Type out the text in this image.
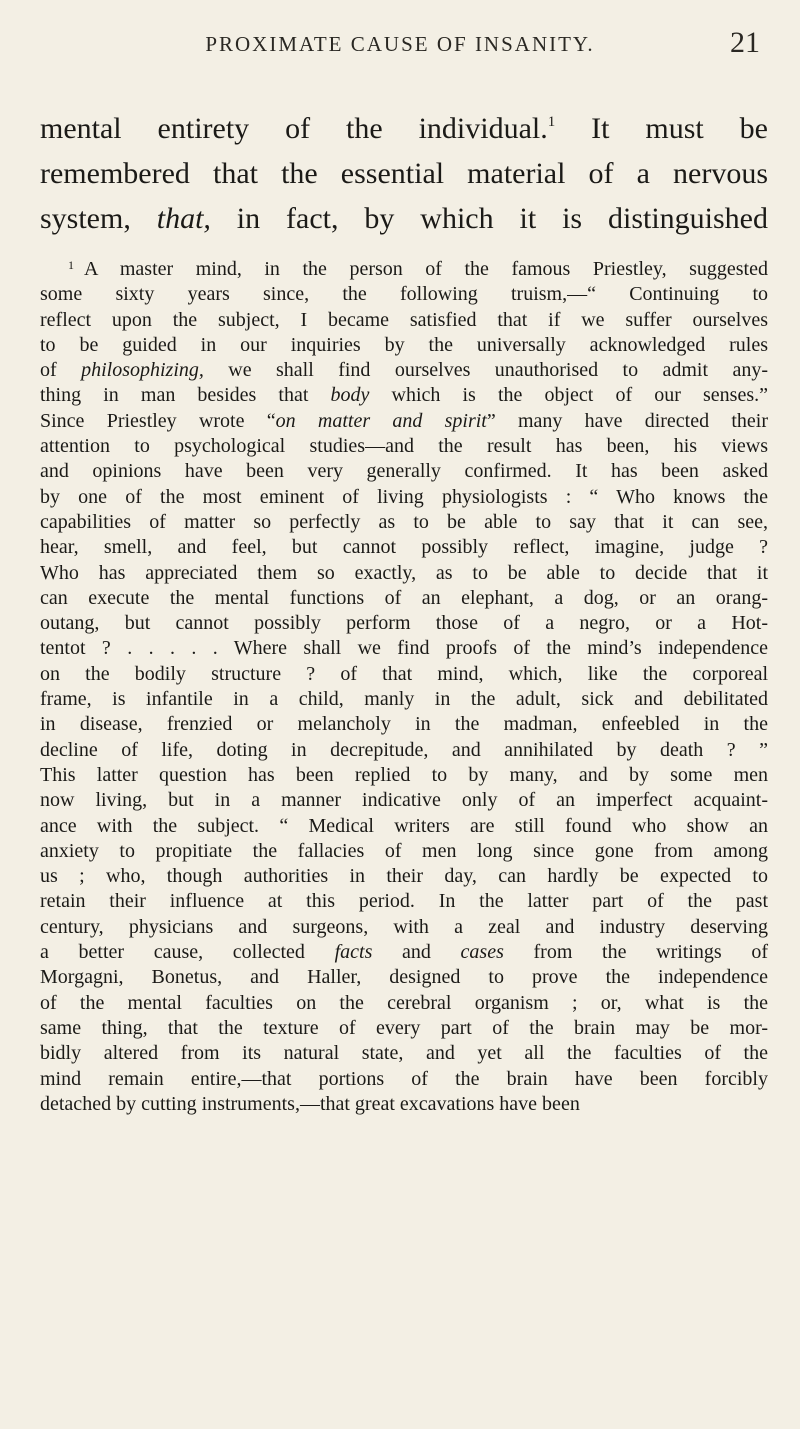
PROXIMATE CAUSE OF INSANITY.	21
mental entirety of the individual.$^1$ It must be
remembered that the essential material of a nervous
system, that, in fact, by which it is distinguished
$^1$ A master mind, in the person of the famous Priestley, suggested
some sixty years since, the following truism,—“ Continuing to
reflect upon the subject, I became satisfied that if we suffer ourselves
to be guided in our inquiries by the universally acknowledged rules
of philosophizing, we shall find ourselves unauthorised to admit any-
thing in man besides that body which is the object of our senses.”
Since Priestley wrote “on matter and spirit” many have directed their
attention to psychological studies—and the result has been, his views
and opinions have been very generally confirmed. It has been asked
by one of the most eminent of living physiologists : “ Who knows the
capabilities of matter so perfectly as to be able to say that it can see,
hear, smell, and feel, but cannot possibly reflect, imagine, judge ?
Who has appreciated them so exactly, as to be able to decide that it
can execute the mental functions of an elephant, a dog, or an orang-
outang, but cannot possibly perform those of a negro, or a Hot-
tentot ? . . . . . Where shall we find proofs of the mind’s independence
on the bodily structure ? of that mind, which, like the corporeal
frame, is infantile in a child, manly in the adult, sick and debilitated
in disease, frenzied or melancholy in the madman, enfeebled in the
decline of life, doting in decrepitude, and annihilated by death ? ”
This latter question has been replied to by many, and by some men
now living, but in a manner indicative only of an imperfect acquaint-
ance with the subject. “ Medical writers are still found who show an
anxiety to propitiate the fallacies of men long since gone from among
us ; who, though authorities in their day, can hardly be expected to
retain their influence at this period. In the latter part of the past
century, physicians and surgeons, with a zeal and industry deserving
a better cause, collected facts and cases from the writings of
Morgagni, Bonetus, and Haller, designed to prove the independence
of the mental faculties on the cerebral organism ; or, what is the
same thing, that the texture of every part of the brain may be mor-
bidly altered from its natural state, and yet all the faculties of the
mind remain entire,—that portions of the brain have been forcibly
detached by cutting instruments,—that great excavations have been
